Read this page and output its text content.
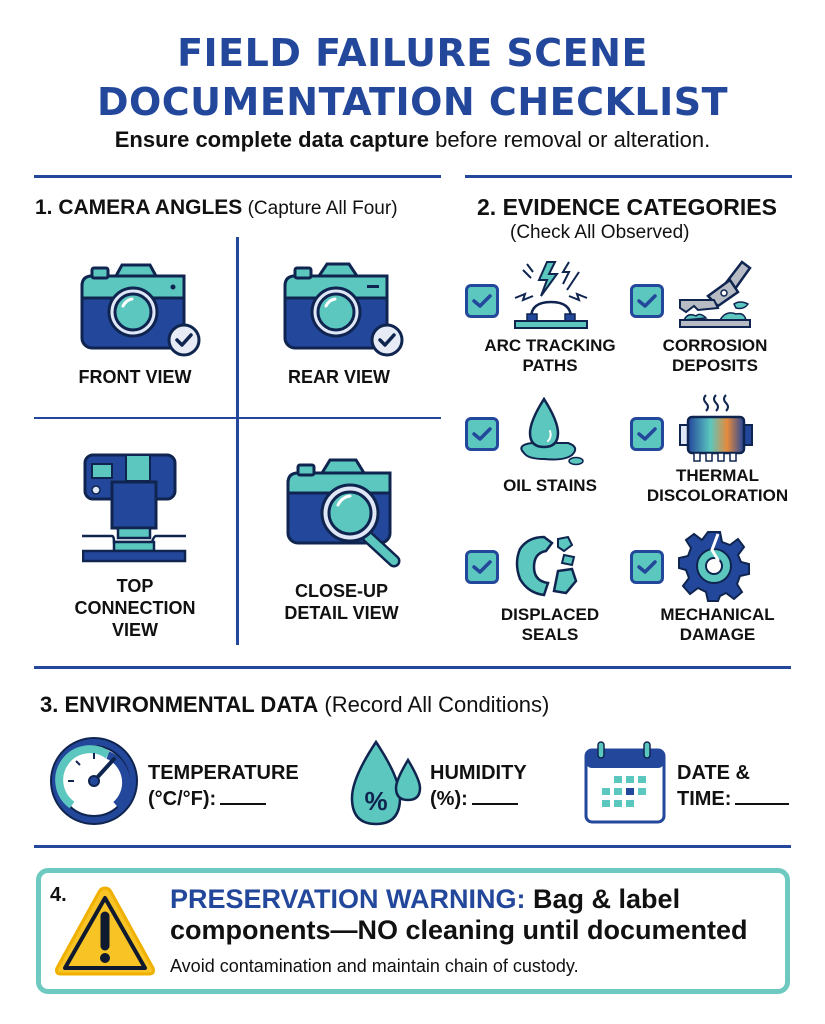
FIELD FAILURE SCENE
DOCUMENTATION CHECKLIST
Ensure complete data capture before removal or alteration.
1. CAMERA ANGLES (Capture All Four)
FRONT VIEW	REAR VIEW
TOP
CONNECTION
VIEW
CLOSE-UP
DETAIL VIEW
2. EVIDENCE CATEGORIES
(Check All Observed)
ARC TRACKING
PATHS
CORROSION
DEPOSITS
OIL STAINS
THERMAL
DISCOLORATION
DISPLACED
SEALS
MECHANICAL
DAMAGE
3. ENVIRONMENTAL DATA (Record All Conditions)
TEMPERATURE
(°C/°F):	%
HUMIDITY
(%):
DATE &
TIME:
4.	PRESERVATION WARNING: Bag & label
components—NO cleaning until documented
Avoid contamination and maintain chain of custody.
